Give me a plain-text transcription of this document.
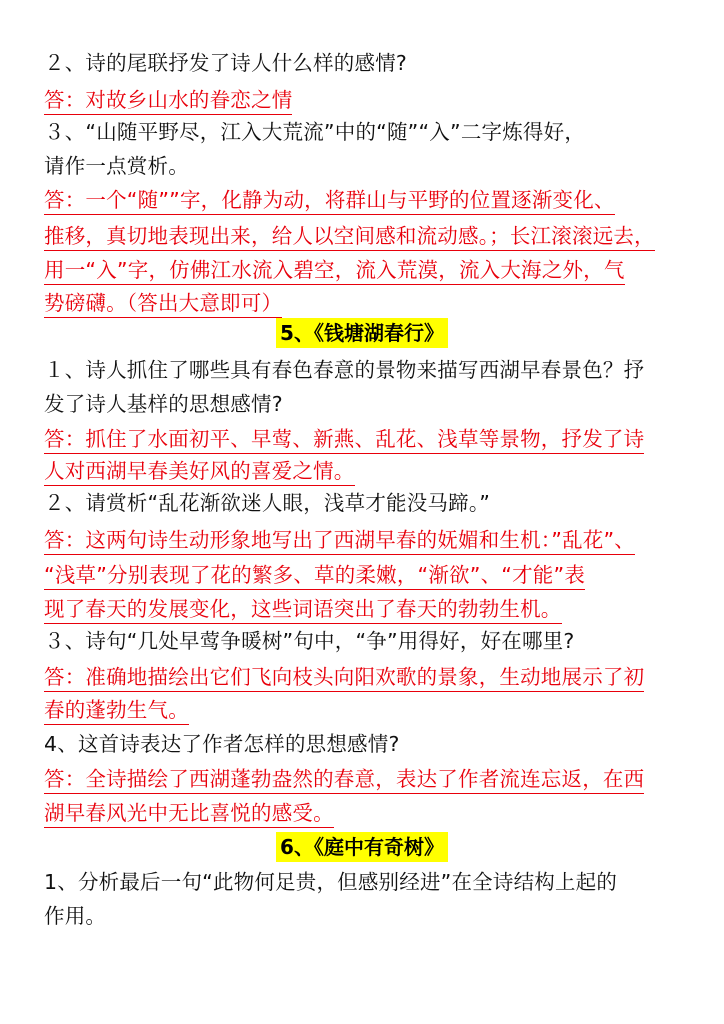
２、诗的尾联抒发了诗人什么样的感情?
答：对故乡山水的眷恋之情
３、“山随平野尽，江入大荒流”中的“随”“入”二字炼得好，
请作一点赏析。
答：一个“随””字，化静为动，将群山与平野的位置逐渐变化、
推移，真切地表现出来，给人以空间感和流动感。；长江滚滚远去，
用一“入”字，仿佛江水流入碧空，流入荒漠，流入大海之外，气
势磅礴。（答出大意即可）
5、《钱塘湖春行》
１、诗人抓住了哪些具有春色春意的景物来描写西湖早春景色？抒
发了诗人基样的思想感情?
答：抓住了水面初平、早莺、新燕、乱花、浅草等景物，抒发了诗
人对西湖早春美好风的喜爱之情。
２、请赏析“乱花渐欲迷人眼，浅草才能没马蹄。”
答：这两句诗生动形象地写出了西湖早春的妩媚和生机：”乱花”、
“浅草”分别表现了花的繁多、草的柔嫩，“渐欲”、“才能”表
现了春天的发展变化，这些词语突出了春天的勃勃生机。
３、诗句“几处早莺争暖树”句中，“争”用得好，好在哪里?
答：准确地描绘出它们飞向枝头向阳欢歌的景象，生动地展示了初
春的蓬勃生气。
4、这首诗表达了作者怎样的思想感情?
答：全诗描绘了西湖蓬勃盎然的春意，表达了作者流连忘返，在西
湖早春风光中无比喜悦的感受。
6、《庭中有奇树》
1、分析最后一句“此物何足贵，但感别经进”在全诗结构上起的
作用。
